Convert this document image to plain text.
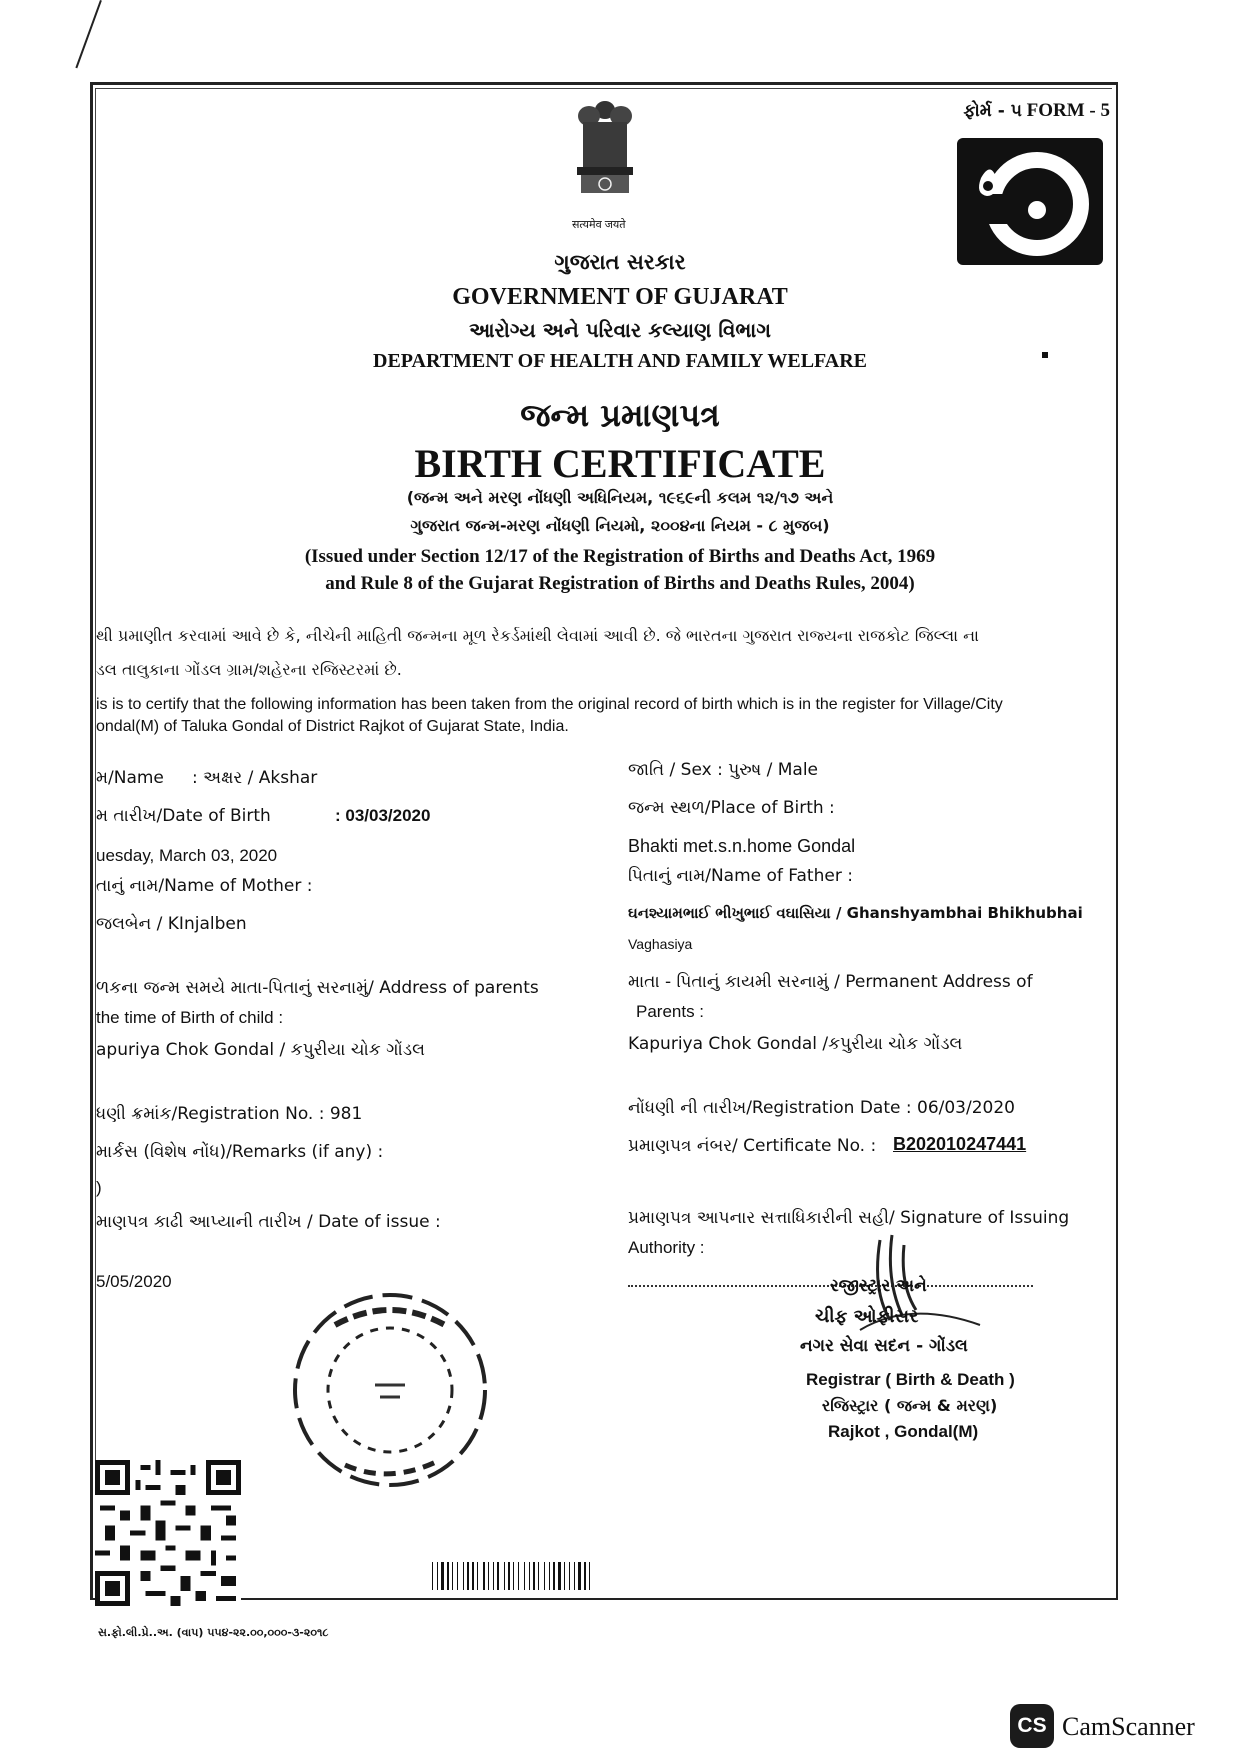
ફોર્મ - ૫ FORM - 5
सत्यमेव जयते
ગુજરાત સરકાર
GOVERNMENT OF GUJARAT
આરોગ્ય અને પરિવાર કલ્યાણ વિભાગ
DEPARTMENT OF HEALTH AND FAMILY WELFARE
જન્મ પ્રમાણપત્ર
BIRTH CERTIFICATE
(જન્મ અને મરણ નોંધણી અધિનિયમ, ૧૯૬૯ની કલમ ૧૨/૧૭ અને
ગુજરાત જન્મ-મરણ નોંધણી નિયમો, ૨૦૦૪ના નિયમ - ૮ મુજબ)
(Issued under Section 12/17 of the Registration of Births and Deaths Act, 1969
and Rule 8 of the Gujarat Registration of Births and Deaths Rules, 2004)
થી પ્રમાણીત કરવામાં આવે છે કે, નીચેની માહિતી જન્મના મૂળ રેકર્ડમાંથી લેવામાં આવી છે. જે ભારતના ગુજરાત રાજ્યના રાજકોટ જિલ્લા ના
ડલ તાલુકાના ગોંડલ ગ્રામ/શહેરના રજિસ્ટરમાં છે.
is is to certify that the following information has been taken from the original record of birth which is in the register for Village/City
ondal(M) of Taluka Gondal of District Rajkot of Gujarat State, India.
મ/Name : અક્ષર / Akshar
મ તારીખ/Date of Birth	: 03/03/2020
uesday, March 03, 2020
તાનું નામ/Name of Mother :
જલબેન / KInjalben
ળકના જન્મ સમયે માતા-પિતાનું સરનામું/ Address of parents
the time of Birth of child :
apuriya Chok Gondal / કપુરીયા ચોક ગોંડલ
ધણી ક્રમાંક/Registration No. : 981
માર્કસ (વિશેષ નોંધ)/Remarks (if any) :
)
માણપત્ર કાઢી આપ્યાની તારીખ / Date of issue :
5/05/2020
જાતિ / Sex : પુરુષ / Male
જન્મ સ્થળ/Place of Birth :
Bhakti met.s.n.home Gondal
પિતાનું નામ/Name of Father :
ઘનશ્યામભાઈ ભીખુભાઈ વઘાસિયા / Ghanshyambhai Bhikhubhai
Vaghasiya
માતા - પિતાનું કાયમી સરનામું / Permanent Address of
Parents :
Kapuriya Chok Gondal /કપુરીયા ચોક ગોંડલ
નોંધણી ની તારીખ/Registration Date : 06/03/2020
પ્રમાણપત્ર નંબર/ Certificate No. : B202010247441
પ્રમાણપત્ર આપનાર સત્તાધિકારીની સહી/ Signature of Issuing
Authority :
રજીસ્ટ્રાર અને
ચીફ ઓફીસર
નગર સેવા સદન - ગોંડલ
Registrar ( Birth & Death )
રજિસ્ટ્રાર ( જન્મ & મરણ)
Rajkot , Gondal(M)
સ.ફો.લી.પ્રે..અ. (વાપ) ૫૫૪-૨૨.૦૦,૦૦૦-૩-૨૦૧૮
CS CamScanner
